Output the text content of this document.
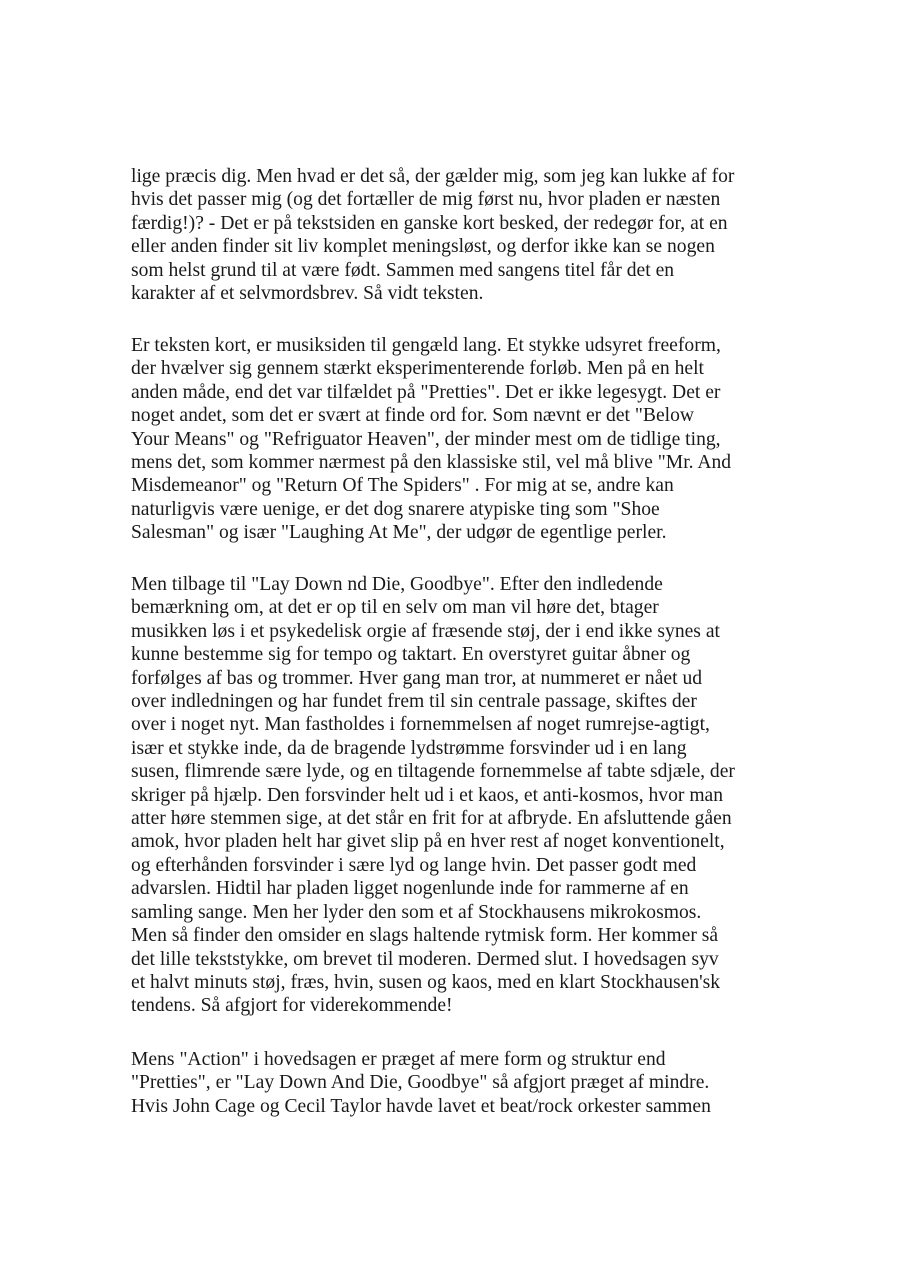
lige præcis dig. Men hvad er det så, der gælder mig, som jeg kan lukke af for
hvis det passer mig (og det fortæller de mig først nu, hvor pladen er næsten
færdig!)? - Det er på tekstsiden en ganske kort besked, der redegør for, at en
eller anden finder sit liv komplet meningsløst, og derfor ikke kan se nogen
som helst grund til at være født. Sammen med sangens titel får det en
karakter af et selvmordsbrev. Så vidt teksten.
Er teksten kort, er musiksiden til gengæld lang. Et stykke udsyret freeform,
der hvælver sig gennem stærkt eksperimenterende forløb. Men på en helt
anden måde, end det var tilfældet på "Pretties". Det er ikke legesygt. Det er
noget andet, som det er svært at finde ord for. Som nævnt er det "Below
Your Means" og "Refriguator Heaven", der minder mest om de tidlige ting,
mens det, som kommer nærmest på den klassiske stil, vel må blive "Mr. And
Misdemeanor" og "Return Of The Spiders" . For mig at se, andre kan
naturligvis være uenige, er det dog snarere atypiske ting som "Shoe
Salesman" og især "Laughing At Me", der udgør de egentlige perler.
Men tilbage til "Lay Down nd Die, Goodbye". Efter den indledende
bemærkning om, at det er op til en selv om man vil høre det, btager
musikken løs i et psykedelisk orgie af fræsende støj, der i end ikke synes at
kunne bestemme sig for tempo og taktart. En overstyret guitar åbner og
forfølges af bas og trommer. Hver gang man tror, at nummeret er nået ud
over indledningen og har fundet frem til sin centrale passage, skiftes der
over i noget nyt. Man fastholdes i fornemmelsen af noget rumrejse-agtigt,
især et stykke inde, da de bragende lydstrømme forsvinder ud i en lang
susen, flimrende sære lyde, og en tiltagende fornemmelse af tabte sdjæle, der
skriger på hjælp. Den forsvinder helt ud i et kaos, et anti-kosmos, hvor man
atter høre stemmen sige, at det står en frit for at afbryde. En afsluttende gåen
amok, hvor pladen helt har givet slip på en hver rest af noget konventionelt,
og efterhånden forsvinder i sære lyd og lange hvin. Det passer godt med
advarslen. Hidtil har pladen ligget nogenlunde inde for rammerne af en
samling sange. Men her lyder den som et af Stockhausens mikrokosmos.
Men så finder den omsider en slags haltende rytmisk form. Her kommer så
det lille tekststykke, om brevet til moderen. Dermed slut. I hovedsagen syv
et halvt minuts støj, fræs, hvin, susen og kaos, med en klart Stockhausen'sk
tendens. Så afgjort for viderekommende!
Mens "Action" i hovedsagen er præget af mere form og struktur end
"Pretties", er "Lay Down And Die, Goodbye" så afgjort præget af mindre.
Hvis John Cage og Cecil Taylor havde lavet et beat/rock orkester sammen
